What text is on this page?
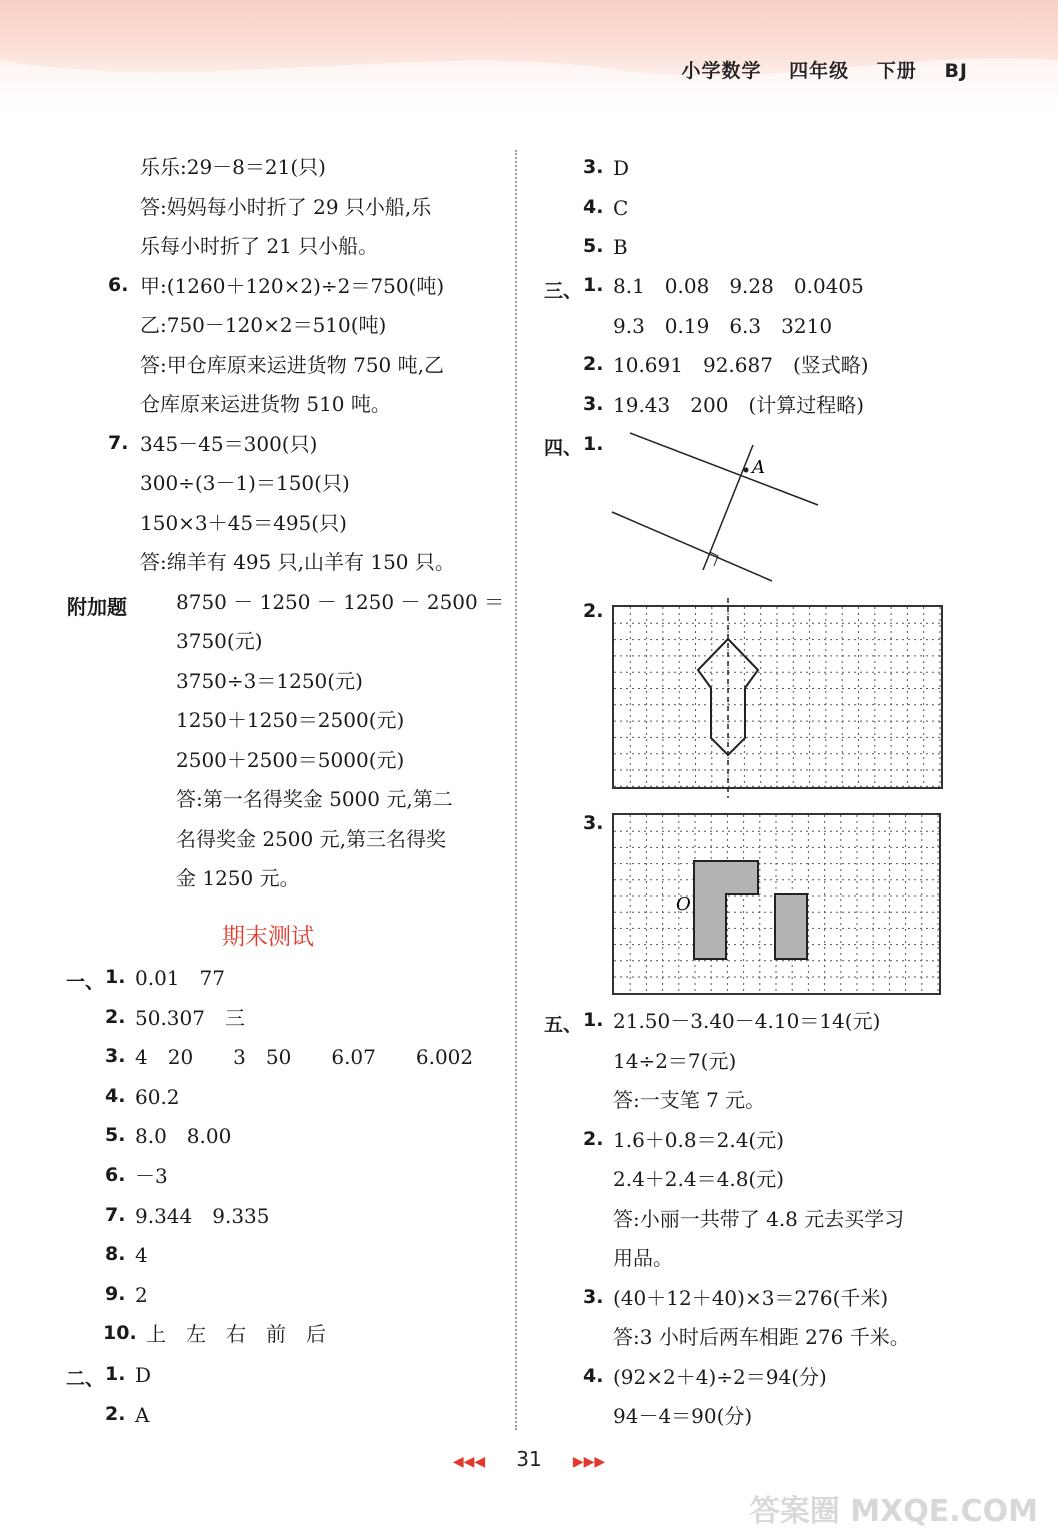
小学数学 四年级 下册 BJ
乐乐:29－8＝21(只)
答:妈妈每小时折了 29 只小船,乐
乐每小时折了 21 只小船。
6. 甲:(1260＋120×2)÷2＝750(吨)
乙:750－120×2＝510(吨)
答:甲仓库原来运进货物 750 吨,乙
仓库原来运进货物 510 吨。
7. 345－45＝300(只)
300÷(3－1)＝150(只)
150×3＋45＝495(只)
答:绵羊有 495 只,山羊有 150 只。
附加题 8750 － 1250 － 1250 － 2500 ＝
3750(元)
3750÷3＝1250(元)
1250＋1250＝2500(元)
2500＋2500＝5000(元)
答:第一名得奖金 5000 元,第二
名得奖金 2500 元,第三名得奖
金 1250 元。
期末测试
一、 1. 0.01　77
2. 50.307　三
3. 4　20　　3　50　　6.07　　6.002
4. 60.2
5. 8.0　8.00
6. －3
7. 9.344　9.335
8. 4
9. 2
10. 上　左　右　前　后
二、 1. D
2. A
3. D
4. C
5. B
三、 1. 8.1　0.08　9.28　0.0405
9.3　0.19　6.3　3210
2. 10.691　92.687　(竖式略)
3. 19.43　200　(计算过程略)
四、 1.
A
2.
3.
O
五、 1. 21.50－3.40－4.10＝14(元)
14÷2＝7(元)
答:一支笔 7 元。
2. 1.6＋0.8＝2.4(元)
2.4＋2.4＝4.8(元)
答:小丽一共带了 4.8 元去买学习
用品。
3. (40＋12＋40)×3＝276(千米)
答:3 小时后两车相距 276 千米。
4. (92×2＋4)÷2＝94(分)
94－4＝90(分)
◀◀◀ 31 ▶▶▶
答案圈 MXQE.COM
